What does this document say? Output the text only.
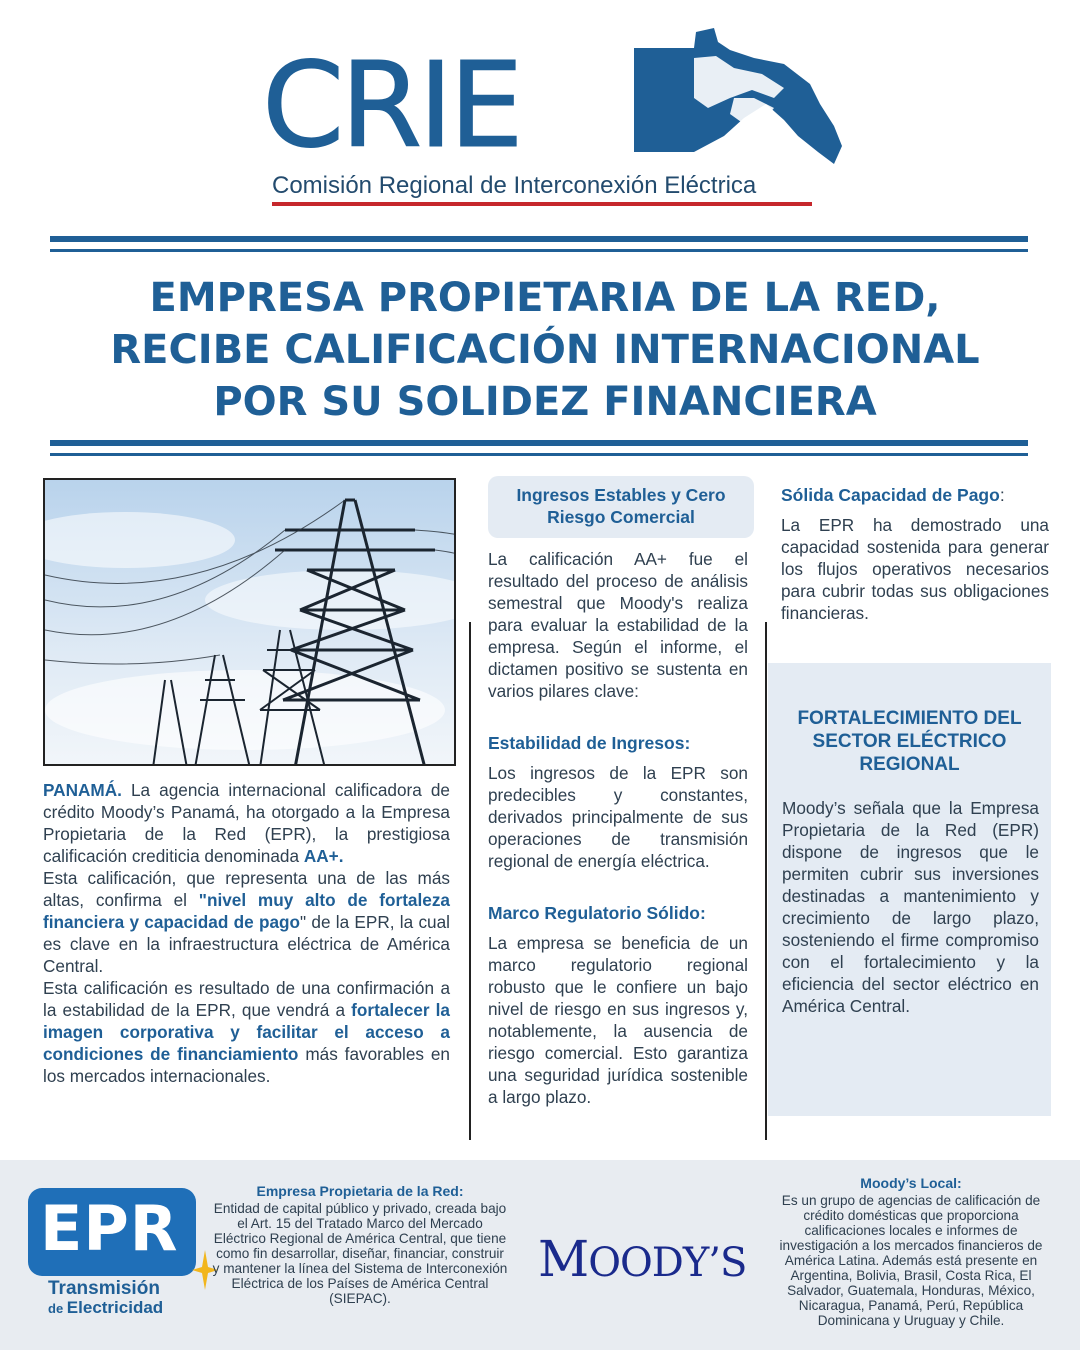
CRIE
Comisión Regional de Interconexión Eléctrica
EMPRESA PROPIETARIA DE LA RED,
RECIBE CALIFICACIÓN INTERNACIONAL
POR SU SOLIDEZ FINANCIERA

PANAMÁ. La agencia internacional calificadora de crédito Moody’s Panamá, ha otorgado a la Empresa Propietaria de la Red (EPR), la prestigiosa calificación crediticia denominada AA+.

Esta calificación, que representa una de las más altas, confirma el "nivel muy alto de fortaleza financiera y capacidad de pago" de la EPR, la cual es clave en la infraestructura eléctrica de América Central.

Esta calificación es resultado de una confirmación a la estabilidad de la EPR, que vendrá a fortalecer la imagen corporativa y facilitar el acceso a condiciones de financiamiento más favorables en los mercados internacionales.

Ingresos Estables y Cero Riesgo Comercial

La calificación AA+ fue el resultado del proceso de análisis semestral que Moody's realiza para evaluar la estabilidad de la empresa. Según el informe, el dictamen positivo se sustenta en varios pilares clave:

Estabilidad de Ingresos:

Los ingresos de la EPR son predecibles y constantes, derivados principalmente de sus operaciones de transmisión regional de energía eléctrica.

Marco Regulatorio Sólido:

La empresa se beneficia de un marco regulatorio regional robusto que le confiere un bajo nivel de riesgo en sus ingresos y, notablemente, la ausencia de riesgo comercial. Esto garantiza una seguridad jurídica sostenible a largo plazo.

Sólida Capacidad de Pago:

La EPR ha demostrado una capacidad sostenida para generar los flujos operativos necesarios para cubrir todas sus obligaciones financieras.

FORTALECIMIENTO DEL SECTOR ELÉCTRICO REGIONAL

Moody’s señala que la Empresa Propietaria de la Red (EPR) dispone de ingresos que le permiten cubrir sus inversiones destinadas a mantenimiento y crecimiento de largo plazo, sosteniendo el firme compromiso con el fortalecimiento y la eficiencia del sector eléctrico en América Central.

EPR
Transmisión
de Electricidad
Empresa Propietaria de la Red:
Entidad de capital público y privado, creada bajo el Art. 15 del Tratado Marco del Mercado Eléctrico Regional de América Central, que tiene como fin desarrollar, diseñar, financiar, construir y mantener la línea del Sistema de Interconexión Eléctrica de los Países de América Central (SIEPAC).
MOODY’S
Moody’s Local:
Es un grupo de agencias de calificación de crédito domésticas que proporciona calificaciones locales e informes de investigación a los mercados financieros de América Latina. Además está presente en Argentina, Bolivia, Brasil, Costa Rica, El Salvador, Guatemala, Honduras, México, Nicaragua, Panamá, Perú, República Dominicana y Uruguay y Chile.
